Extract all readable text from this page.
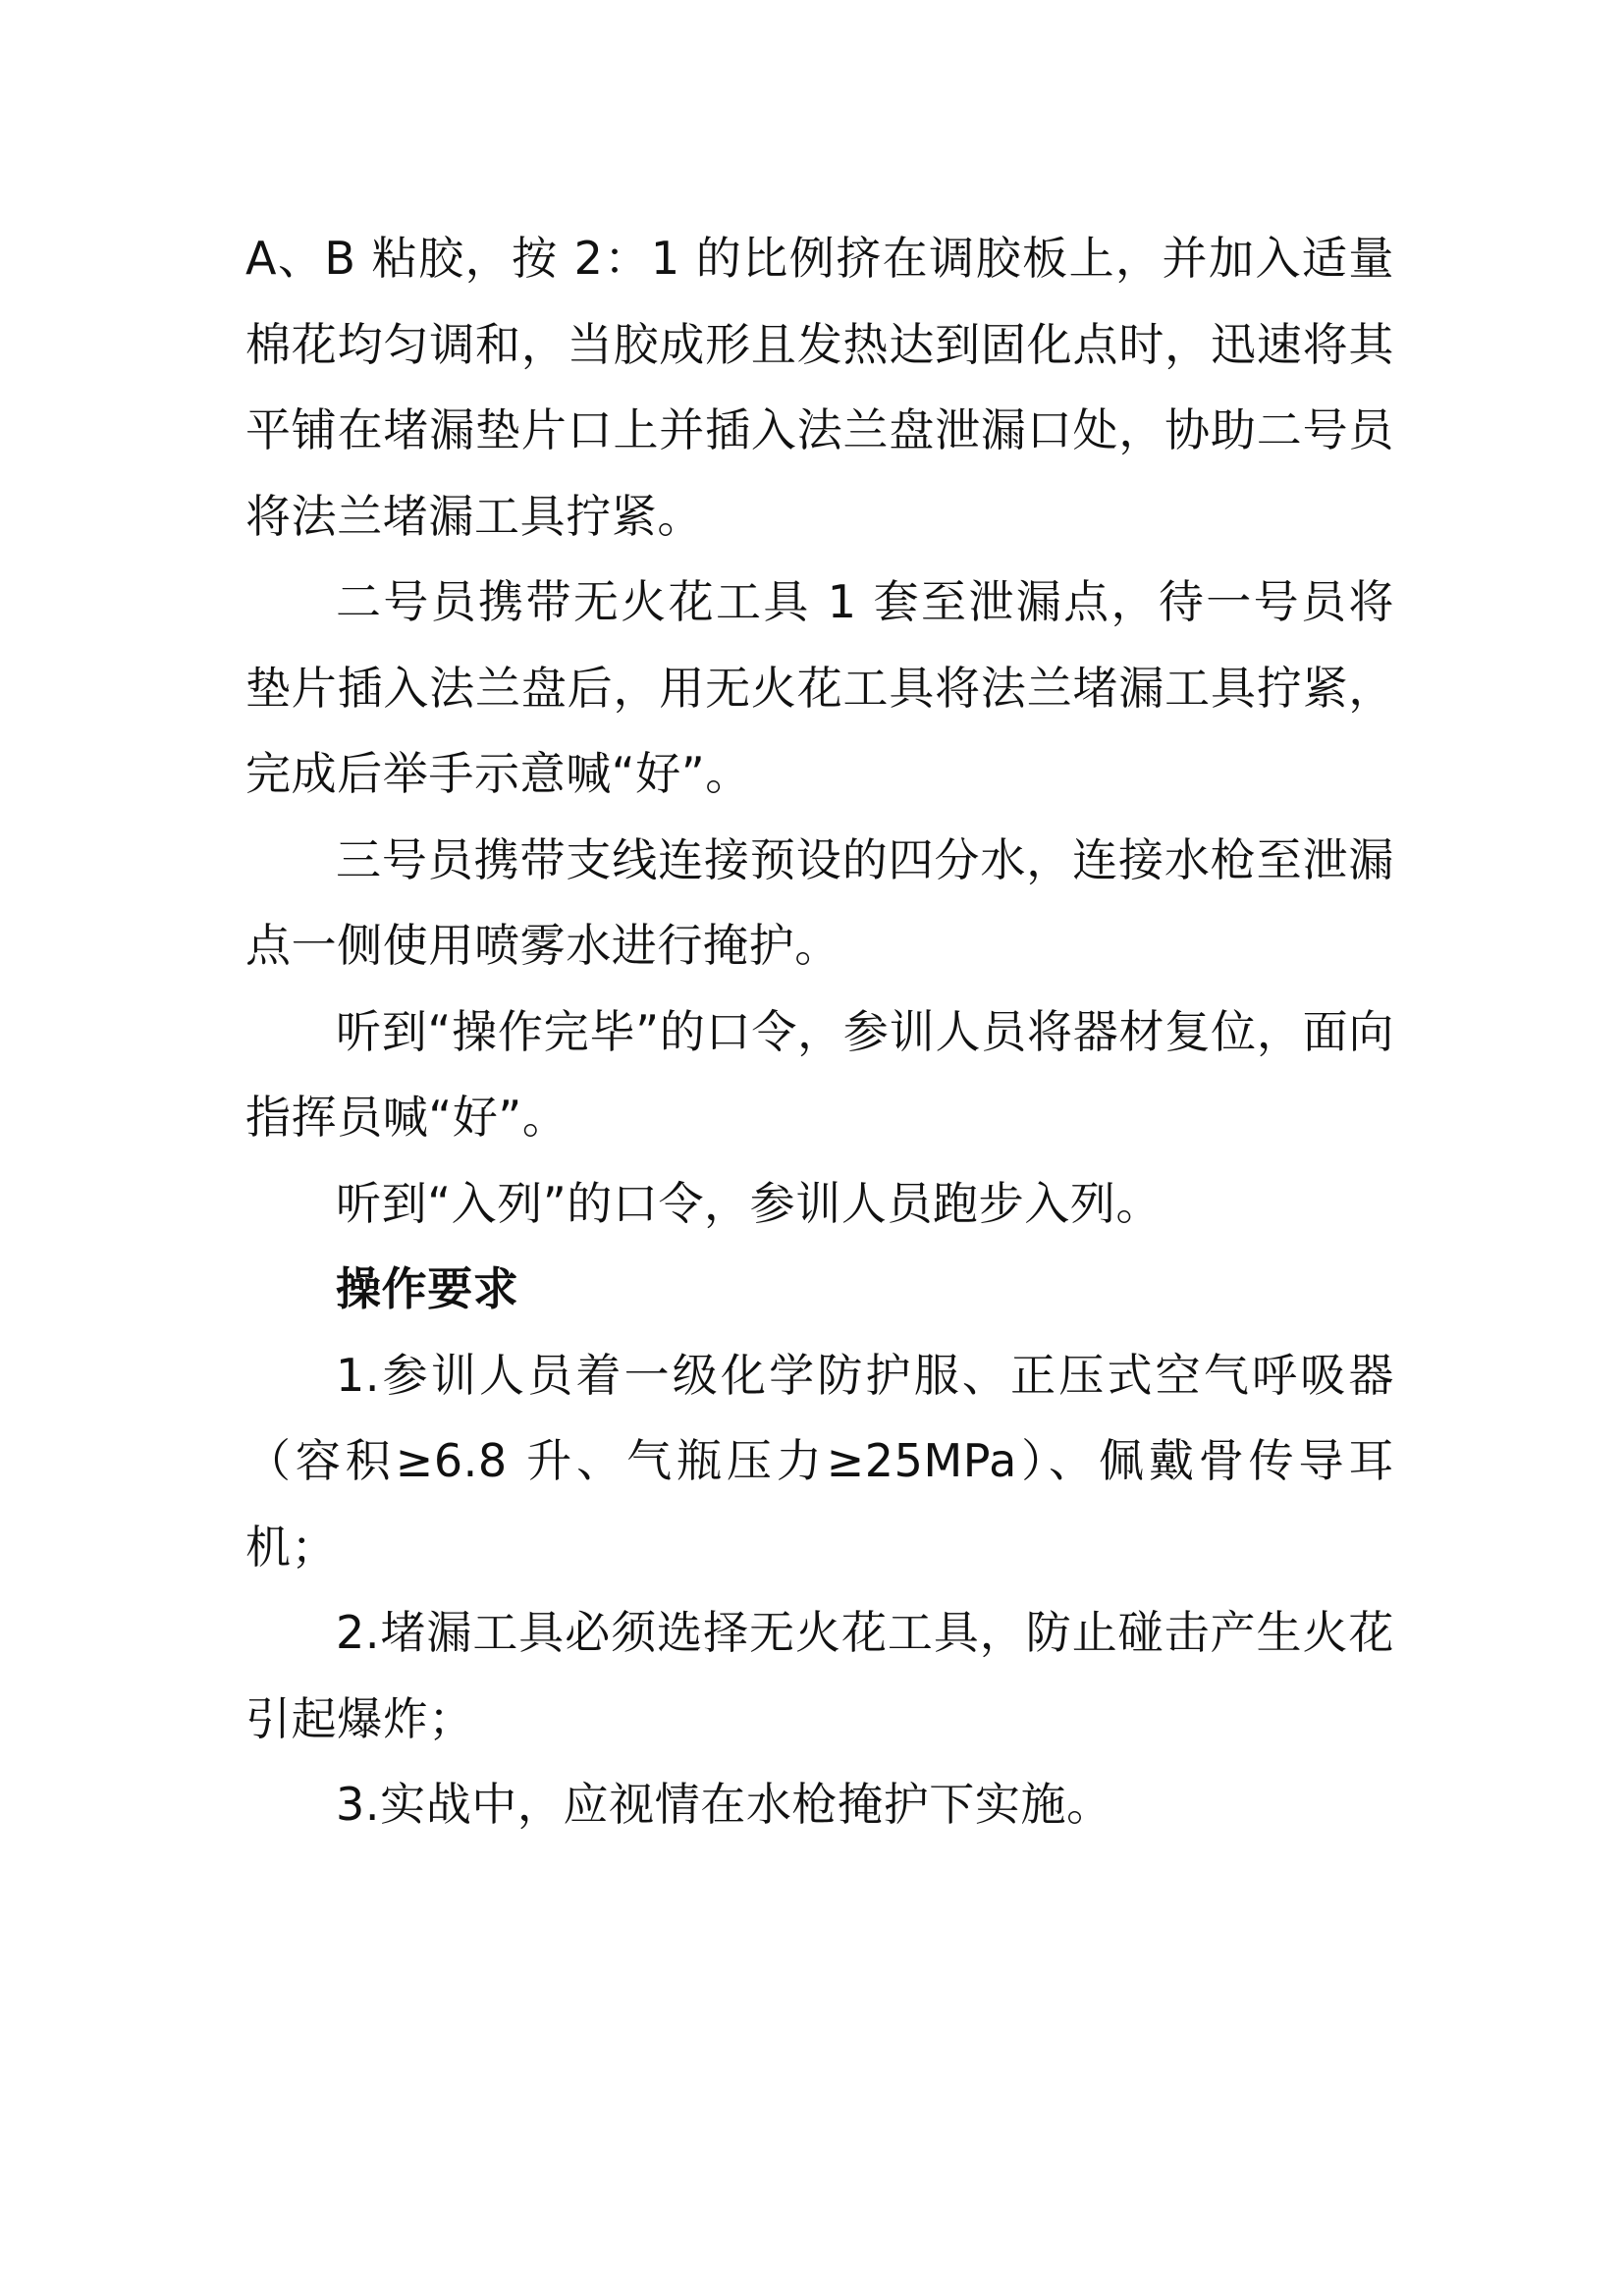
A、B 粘胶，按 2：1 的比例挤在调胶板上，并加入适量棉花均匀调和，当胶成形且发热达到固化点时，迅速将其平铺在堵漏垫片口上并插入法兰盘泄漏口处，协助二号员将法兰堵漏工具拧紧。

二号员携带无火花工具 1 套至泄漏点，待一号员将垫片插入法兰盘后，用无火花工具将法兰堵漏工具拧紧，完成后举手示意喊“好”。

三号员携带支线连接预设的四分水，连接水枪至泄漏点一侧使用喷雾水进行掩护。

听到“操作完毕”的口令，参训人员将器材复位，面向指挥员喊“好”。

听到“入列”的口令，参训人员跑步入列。

操作要求

1.参训人员着一级化学防护服、正压式空气呼吸器（容积≥6.8 升、气瓶压力≥25MPa）、佩戴骨传导耳机；

2.堵漏工具必须选择无火花工具，防止碰击产生火花引起爆炸；

3.实战中，应视情在水枪掩护下实施。
